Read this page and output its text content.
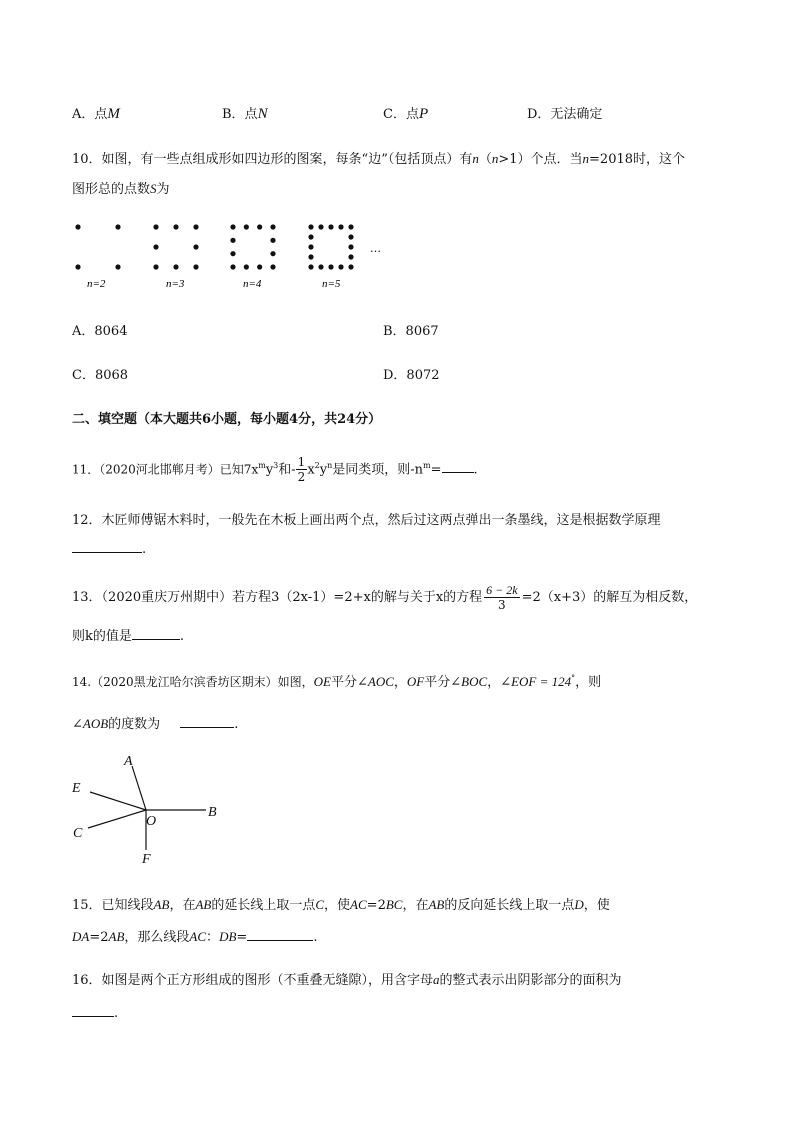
A．点M	B．点N	C．点P	D．无法确定
10．如图，有一些点组成形如四边形的图案，每条“边”（包括顶点）有n（n>1）个点．当n=2018时，这个
图形总的点数S为
n=2	n=3	n=4	n=5
…
A．8064	B．8067
C．8068	D．8072
二、填空题（本大题共6小题，每小题4分，共24分）
11．（2020河北邯郸月考）已知$7x^my^3$和- $\frac{1}{2} x^2y^n$是同类项，则$-n^m=$ .
12．木匠师傅锯木料时，一般先在木板上画出两个点，然后过这两点弹出一条墨线，这是根据数学原理
.
13．（2020重庆万州期中）若方程3（2x-1）=2+x的解与关于x的方程 $\frac{6 - 2k}{3} =2(x+3)$的解互为相反数，
则k的值是	.
14.（2020黑龙江哈尔滨香坊区期末）如图，OE平分∠AOC，OF平分∠BOC，∠EOF = 124°，则
∠AOB的度数为	.
A
E
B
C
O
F
15．已知线段AB，在AB的延长线上取一点C，使AC=2BC，在AB的反向延长线上取一点D，使
DA=2AB，那么线段AC：DB=	.
16．如图是两个正方形组成的图形（不重叠无缝隙），用含字母a的整式表示出阴影部分的面积为
.
